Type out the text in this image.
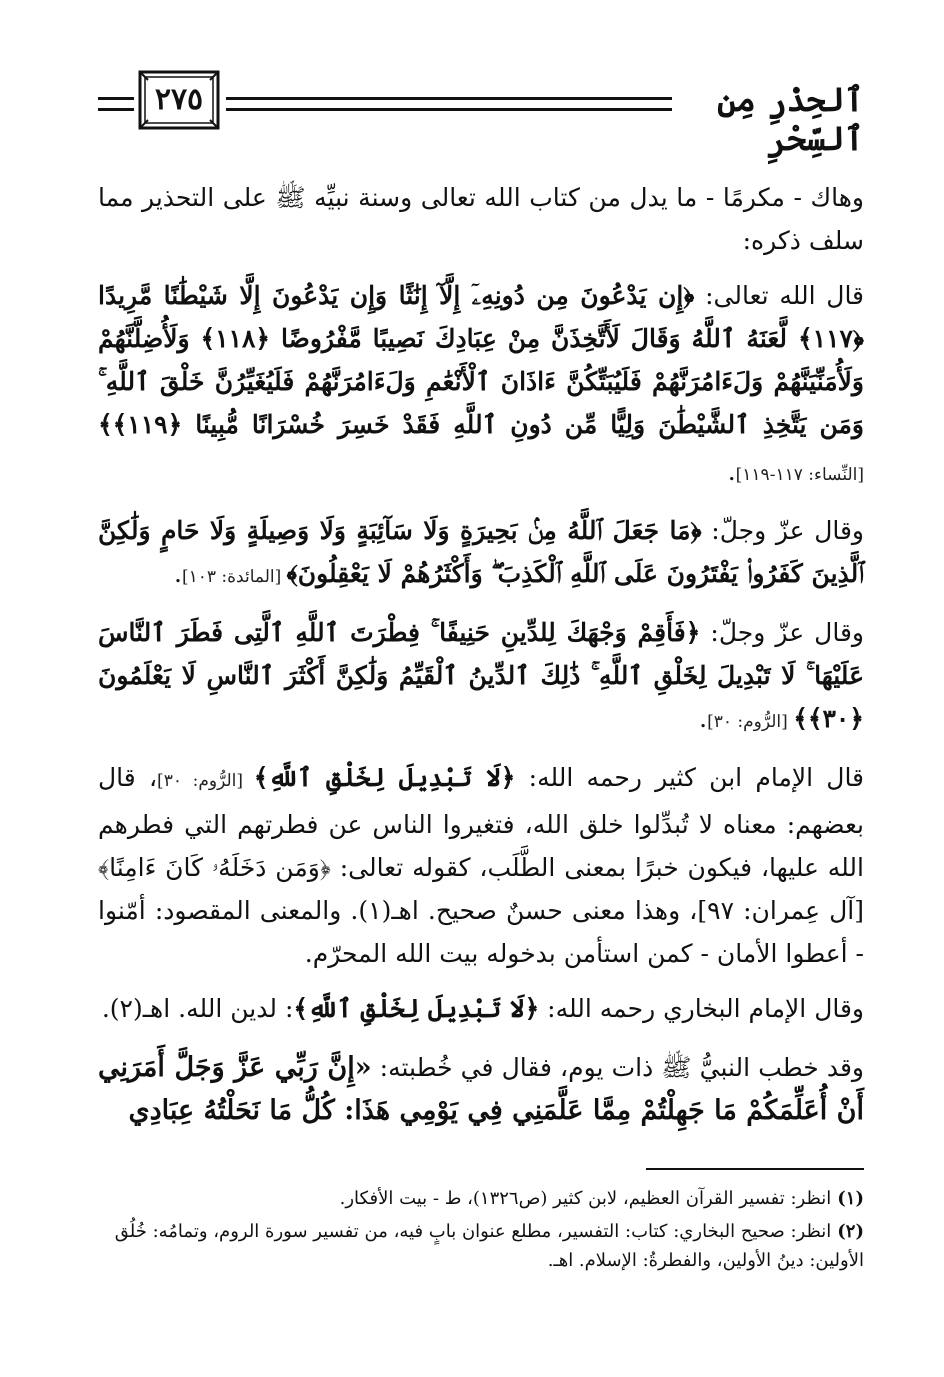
٢٧٥	ٱلحِذْرِ مِن ٱلسِّحْرِ

وهاك - مكرمًا - ما يدل من كتاب الله تعالى وسنة نبيِّه ﷺ على التحذير مما سلف ذكره:

قال الله تعالى: ﴿إِن يَدْعُونَ مِن دُونِهِۦٓ إِلَّآ إِنَٰثًا وَإِن يَدْعُونَ إِلَّا شَيْطَٰنًا مَّرِيدًا ﴿١١٧﴾ لَّعَنَهُ ٱللَّهُ وَقَالَ لَأَتَّخِذَنَّ مِنْ عِبَادِكَ نَصِيبًا مَّفْرُوضًا ﴿١١٨﴾ وَلَأُضِلَّنَّهُمْ وَلَأُمَنِّيَنَّهُمْ وَلَءَامُرَنَّهُمْ فَلَيُبَتِّكُنَّ ءَاذَانَ ٱلْأَنْعَٰمِ وَلَءَامُرَنَّهُمْ فَلَيُغَيِّرُنَّ خَلْقَ ٱللَّهِ ۚ وَمَن يَتَّخِذِ ٱلشَّيْطَٰنَ وَلِيًّا مِّن دُونِ ٱللَّهِ فَقَدْ خَسِرَ خُسْرَانًا مُّبِينًا ﴿١١٩﴾﴾ [النِّساء: ١١٧-١١٩].

وقال عزّ وجلّ: ﴿مَا جَعَلَ ٱللَّهُ مِنۢ بَحِيرَةٍ وَلَا سَآئِبَةٍ وَلَا وَصِيلَةٍ وَلَا حَامٍ وَلَٰكِنَّ ٱلَّذِينَ كَفَرُوا۟ يَفْتَرُونَ عَلَى ٱللَّهِ ٱلْكَذِبَ ۖ وَأَكْثَرُهُمْ لَا يَعْقِلُونَ﴾ [المائدة: ١٠٣].

وقال عزّ وجلّ: ﴿فَأَقِمْ وَجْهَكَ لِلدِّينِ حَنِيفًا ۚ فِطْرَتَ ٱللَّهِ ٱلَّتِى فَطَرَ ٱلنَّاسَ عَلَيْهَا ۚ لَا تَبْدِيلَ لِخَلْقِ ٱللَّهِ ۚ ذَٰلِكَ ٱلدِّينُ ٱلْقَيِّمُ وَلَٰكِنَّ أَكْثَرَ ٱلنَّاسِ لَا يَعْلَمُونَ ﴿٣٠﴾﴾ [الرُّوم: ٣٠].

قال الإمام ابن كثير رحمه الله: ﴿لَا تَبْدِيلَ لِخَلْقِ ٱللَّهِ﴾ [الرُّوم: ٣٠]، قال بعضهم: معناه لا تُبدِّلوا خلق الله، فتغيروا الناس عن فطرتهم التي فطرهم الله عليها، فيكون خبرًا بمعنى الطَّلَب، كقوله تعالى: ﴿وَمَن دَخَلَهُۥ كَانَ ءَامِنًا﴾ [آل عِمران: ٩٧]، وهذا معنى حسنٌ صحيح. اهـ(١). والمعنى المقصود: أمّنوا - أعطوا الأمان - كمن استأمن بدخوله بيت الله المحرّم.

وقال الإمام البخاري رحمه الله: ﴿لَا تَبْدِيلَ لِخَلْقِ ٱللَّهِ﴾: لدين الله. اهـ(٢).

وقد خطب النبيُّ ﷺ ذات يوم، فقال في خُطبته: «إِنَّ رَبِّي عَزَّ وَجَلَّ أَمَرَنِي أَنْ أُعَلِّمَكُمْ مَا جَهِلْتُمْ مِمَّا عَلَّمَنِي فِي يَوْمِي هَذَا: كُلُّ مَا نَحَلْتُهُ عِبَادِي

(١)انظر: تفسير القرآن العظيم، لابن كثير (ص١٣٢٦)، ط - بيت الأفكار.

(٢)انظر: صحيح البخاري: كتاب: التفسير، مطلع عنوان بابٍ فيه، من تفسير سورة الروم، وتمامُه: خُلُق الأولين: دينُ الأولين، والفطرةُ: الإسلام. اهـ.
